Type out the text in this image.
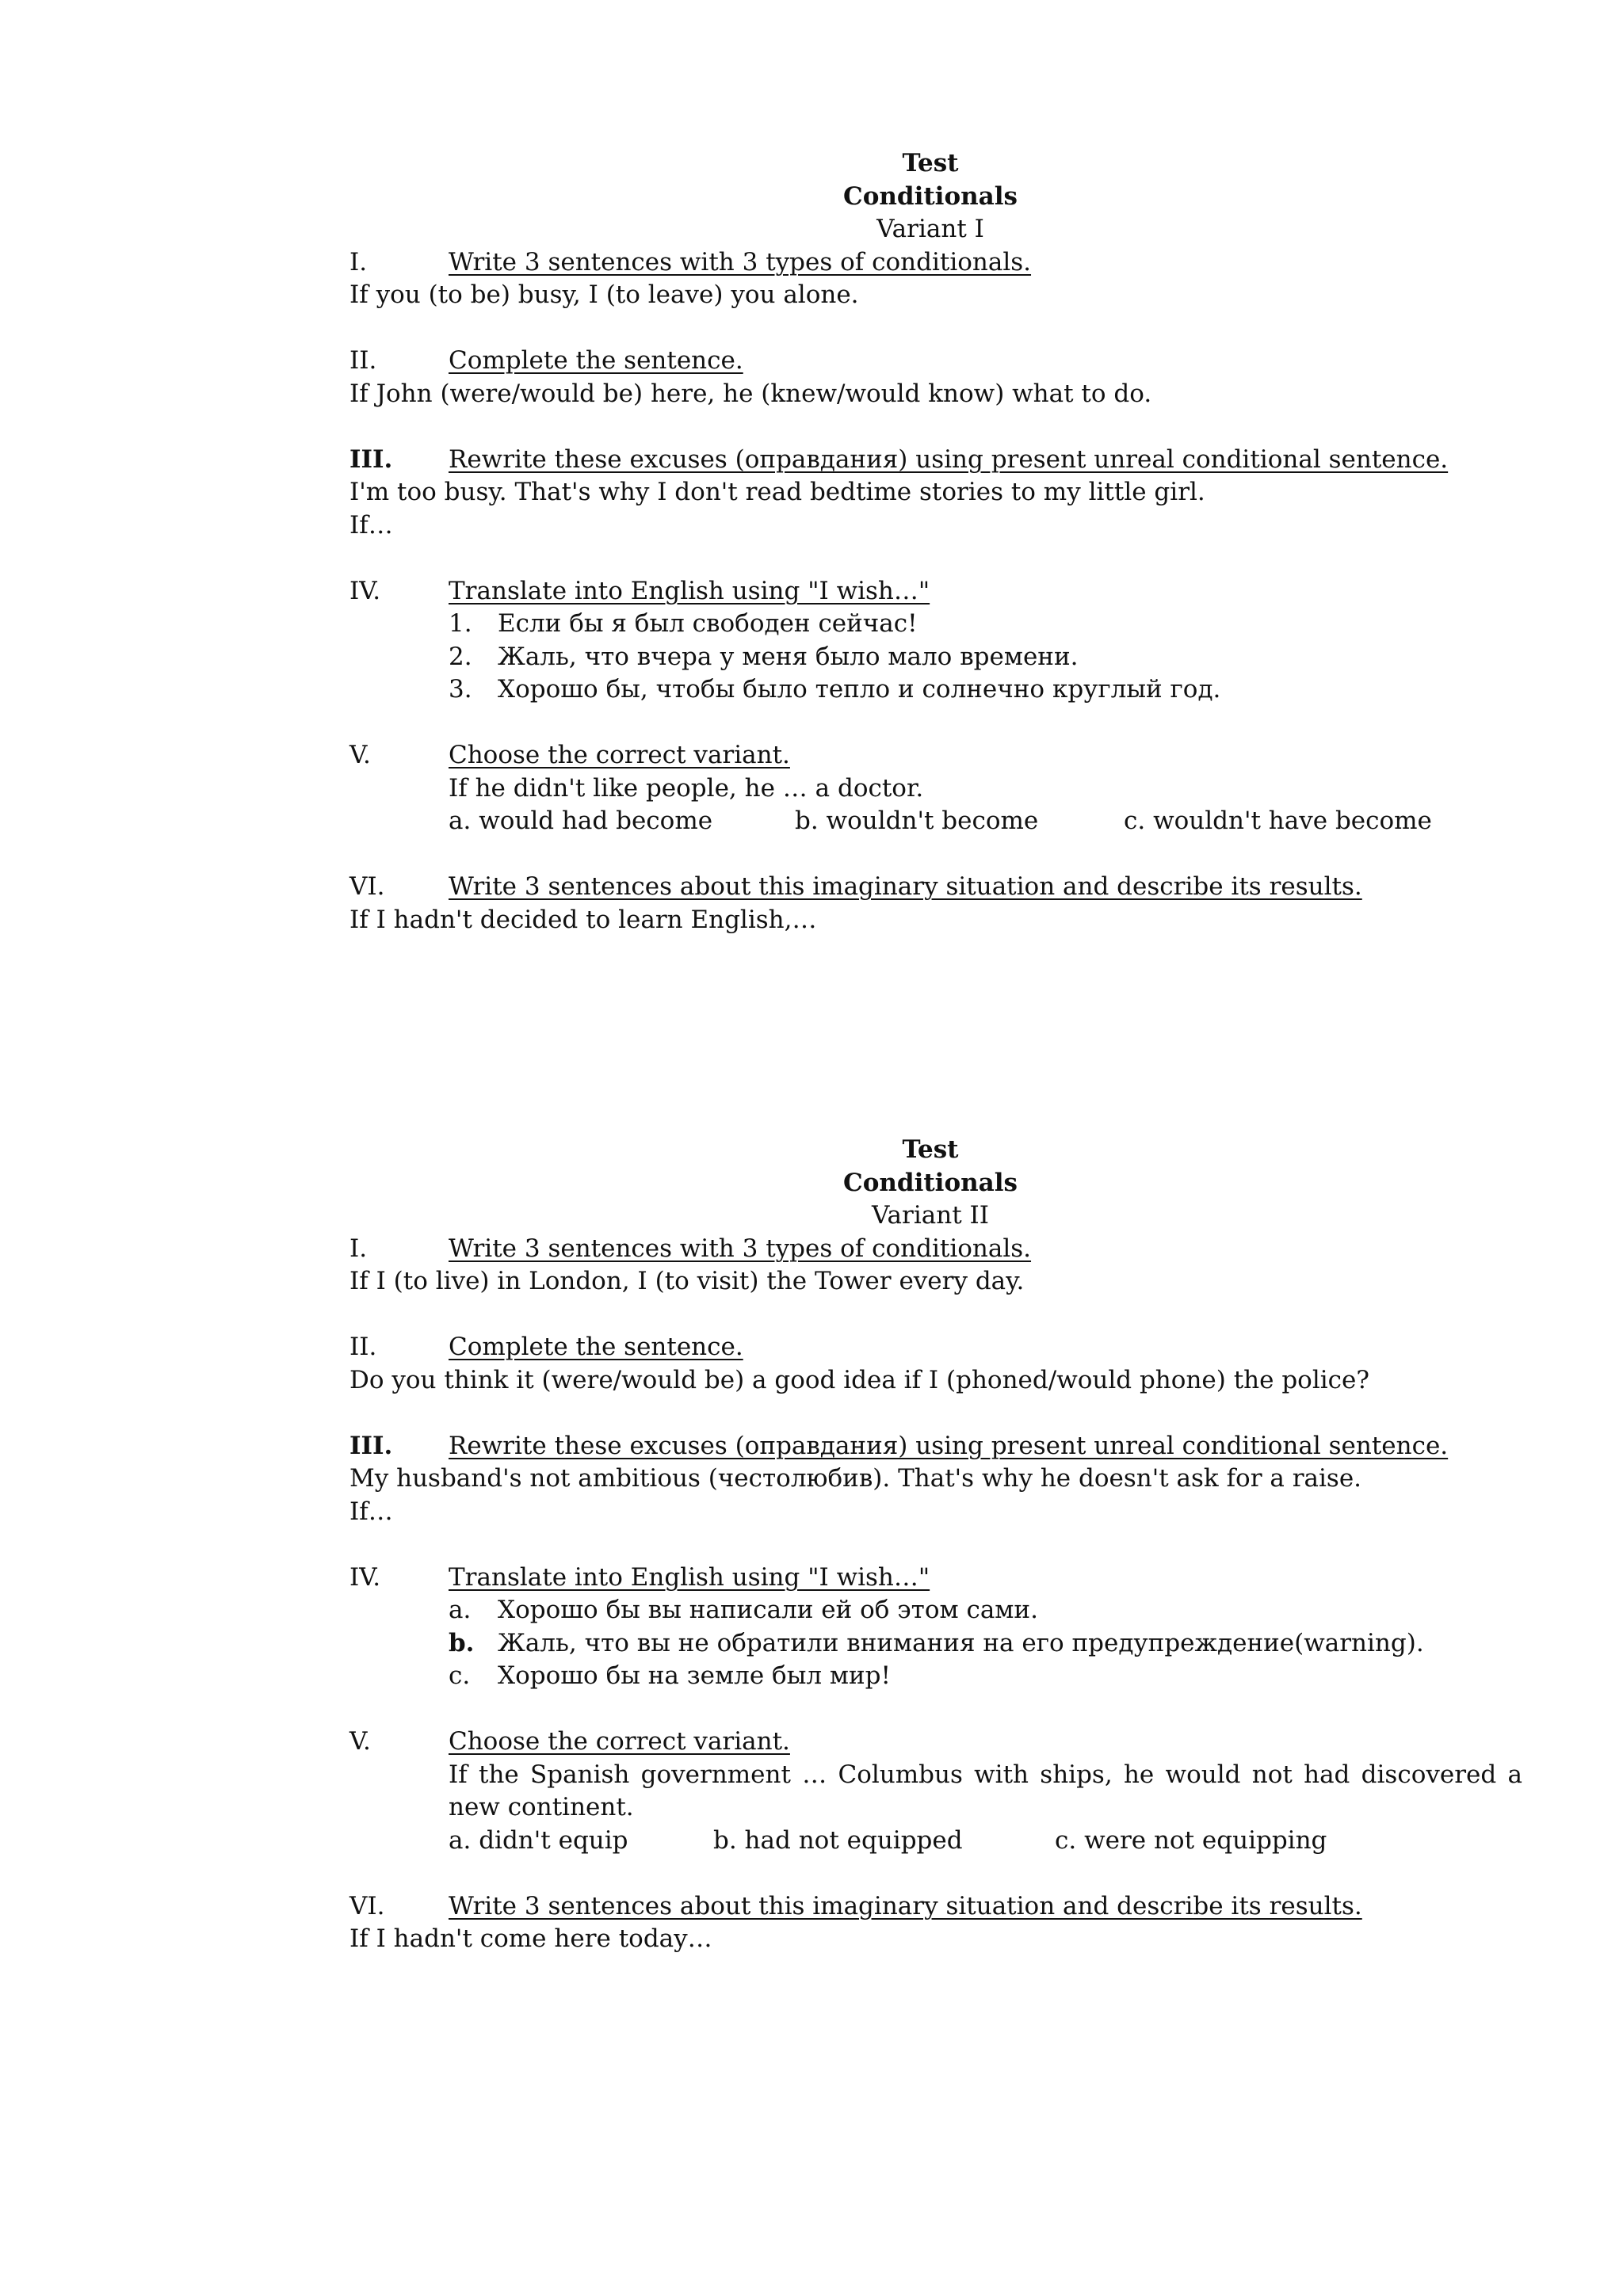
Test
Conditionals
Variant I
I.	Write 3 sentences with 3 types of conditionals.
If you (to be) busy, I (to leave) you alone.
II.	Complete the sentence.
If John (were/would be) here, he (knew/would know) what to do.
III.	Rewrite these excuses (оправдания) using present unreal conditional sentence.
I'm too busy. That's why I don't read bedtime stories to my little girl.
If…
IV.	Translate into English using "I wish…"
1.	Если бы я был свободен сейчас!
2.	Жаль, что вчера у меня было мало времени.
3.	Хорошо бы, чтобы было тепло и солнечно круглый год.
V.	Choose the correct variant.
If he didn't like people, he … a doctor.
a. would had become	b. wouldn't become	c. wouldn't have become
VI.	Write 3 sentences about this imaginary situation and describe its results.
If I hadn't decided to learn English,…
Test
Conditionals
Variant II
I.	Write 3 sentences with 3 types of conditionals.
If I (to live) in London, I (to visit) the Tower every day.
II.	Complete the sentence.
Do you think it (were/would be) a good idea if I (phoned/would phone) the police?
III.	Rewrite these excuses (оправдания) using present unreal conditional sentence.
My husband's not ambitious (честолюбив). That's why he doesn't ask for a raise.
If…
IV.	Translate into English using "I wish…"
a.	Хорошо бы вы написали ей об этом сами.
b. Жаль, что вы не обратили внимания на его предупреждение(warning).
c.	Хорошо бы на земле был мир!
V.	Choose the correct variant.
If the Spanish government … Columbus with ships, he would not had discovered a new continent.
a. didn't equip	b. had not equipped	c. were not equipping
VI.	Write 3 sentences about this imaginary situation and describe its results.
If I hadn't come here today…
